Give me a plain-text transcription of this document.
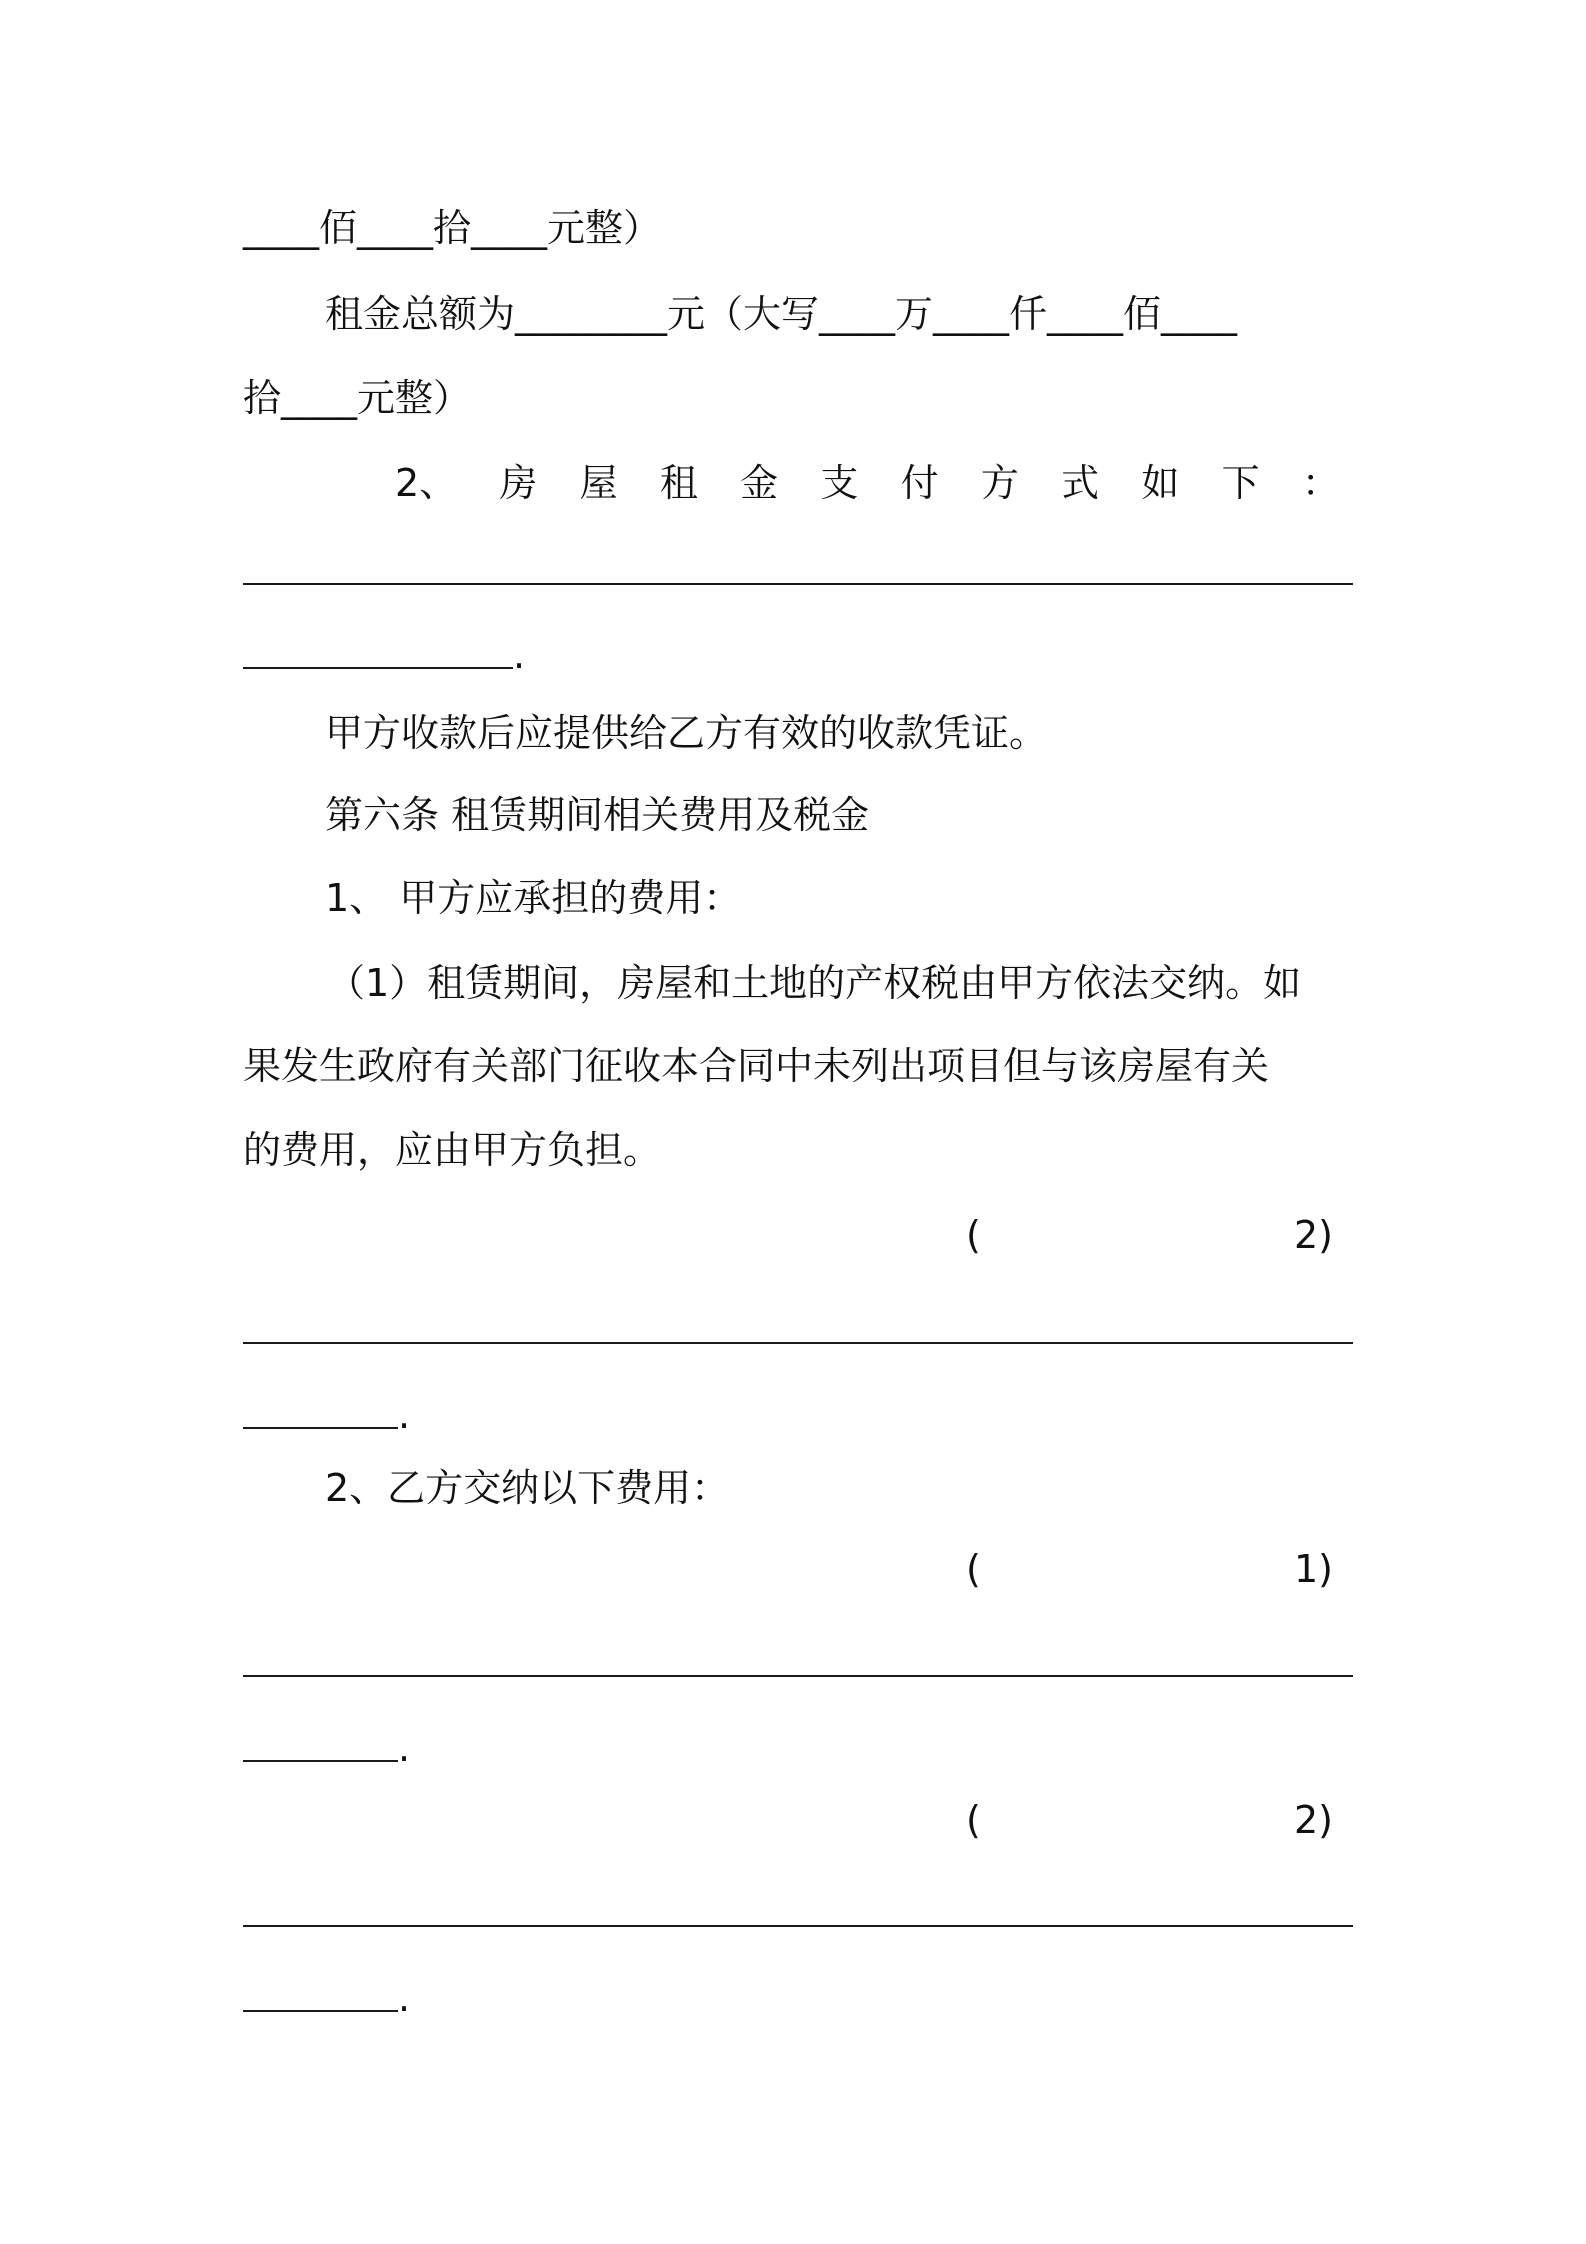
____佰____拾____元整）
租金总额为________元（大写____万____仟____佰____
拾____元整）
2、 房 屋 租 金 支 付 方 式 如 下 ：
.
甲方收款后应提供给乙方有效的收款凭证。
第六条 租赁期间相关费用及税金
1、 甲方应承担的费用：
（1）租赁期间，房屋和土地的产权税由甲方依法交纳。如
果发生政府有关部门征收本合同中未列出项目但与该房屋有关
的费用，应由甲方负担。
(	2)
.
2、乙方交纳以下费用：
(	1)
.
(	2)
.
